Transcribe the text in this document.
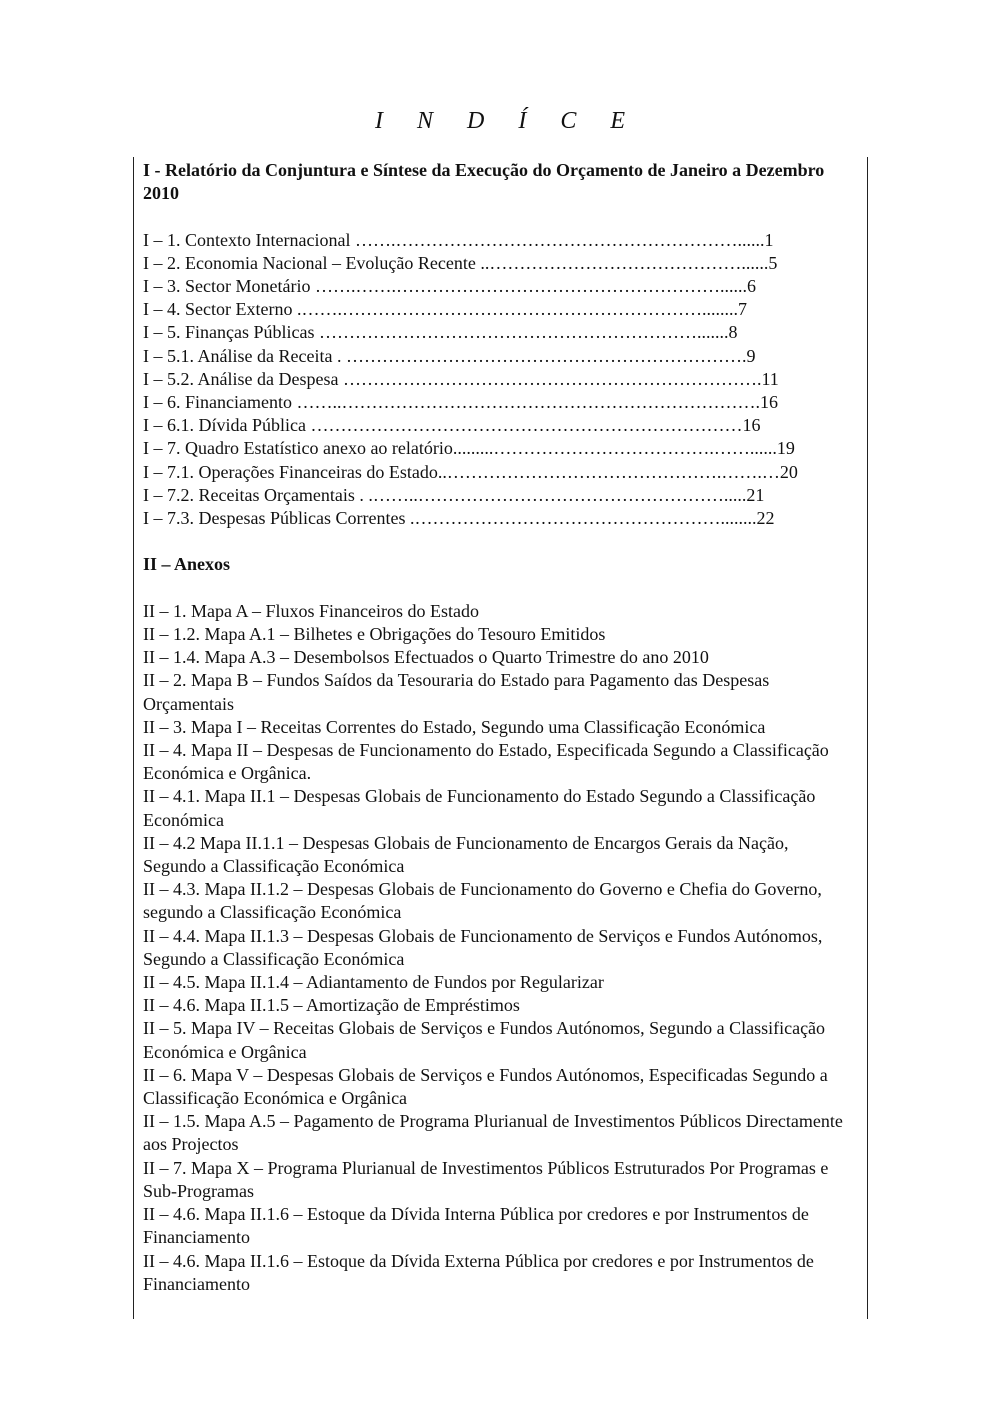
I N D Í C E

I - Relatório da Conjuntura e Síntese da Execução do Orçamento de Janeiro a Dezembro 2010

I – 1. Contexto Internacional …….…………………………………………………......1
I – 2. Economia Nacional – Evolução Recente ..……………………………………......5
I – 3. Sector Monetário …….…….………………………………………………......6
I – 4. Sector Externo .…….……………………………………………………........7
I – 5. Finanças Públicas ……………………………………………………….......8
I – 5.1. Análise da Receita . ………………………………………………………….9
I – 5.2. Análise da Despesa …………………………………………………………….11
I – 6. Financiamento ……..…………………………………………………………….16
I – 6.1. Dívida Pública ………………………………………………………………16
I – 7. Quadro Estatístico anexo ao relatório.........……………………………….……......19
I – 7.1. Operações Financeiras do Estado..……………………………………….…….…20
I – 7.2. Receitas Orçamentais . .……..…………………………………………….....21
I – 7.3. Despesas Públicas Correntes .……………………………………………........22

II – Anexos

II – 1. Mapa A – Fluxos Financeiros do Estado

II – 1.2. Mapa A.1 – Bilhetes e Obrigações do Tesouro Emitidos

II – 1.4. Mapa A.3 – Desembolsos Efectuados o Quarto Trimestre do ano 2010

II – 2. Mapa B – Fundos Saídos da Tesouraria do Estado para Pagamento das Despesas Orçamentais

II – 3. Mapa I – Receitas Correntes do Estado, Segundo uma Classificação Económica

II – 4. Mapa II – Despesas de Funcionamento do Estado, Especificada Segundo a Classificação Económica e Orgânica.

II – 4.1. Mapa II.1 – Despesas Globais de Funcionamento do Estado Segundo a Classificação Económica

II – 4.2 Mapa II.1.1 – Despesas Globais de Funcionamento de Encargos Gerais da Nação, Segundo a Classificação Económica

II – 4.3. Mapa II.1.2 – Despesas Globais de Funcionamento do Governo e Chefia do Governo, segundo a Classificação Económica

II – 4.4. Mapa II.1.3 – Despesas Globais de Funcionamento de Serviços e Fundos Autónomos, Segundo a Classificação Económica

II – 4.5. Mapa II.1.4 – Adiantamento de Fundos por Regularizar

II – 4.6. Mapa II.1.5 – Amortização de Empréstimos

II – 5. Mapa IV – Receitas Globais de Serviços e Fundos Autónomos, Segundo a Classificação Económica e Orgânica

II – 6. Mapa V – Despesas Globais de Serviços e Fundos Autónomos, Especificadas Segundo a Classificação Económica e Orgânica

II – 1.5. Mapa A.5 – Pagamento de Programa Plurianual de Investimentos Públicos Directamente aos Projectos

II – 7. Mapa X – Programa Plurianual de Investimentos Públicos Estruturados Por Programas e Sub-Programas

II – 4.6. Mapa II.1.6 – Estoque da Dívida Interna Pública por credores e por Instrumentos de Financiamento

II – 4.6. Mapa II.1.6 – Estoque da Dívida Externa Pública por credores e por Instrumentos de Financiamento
